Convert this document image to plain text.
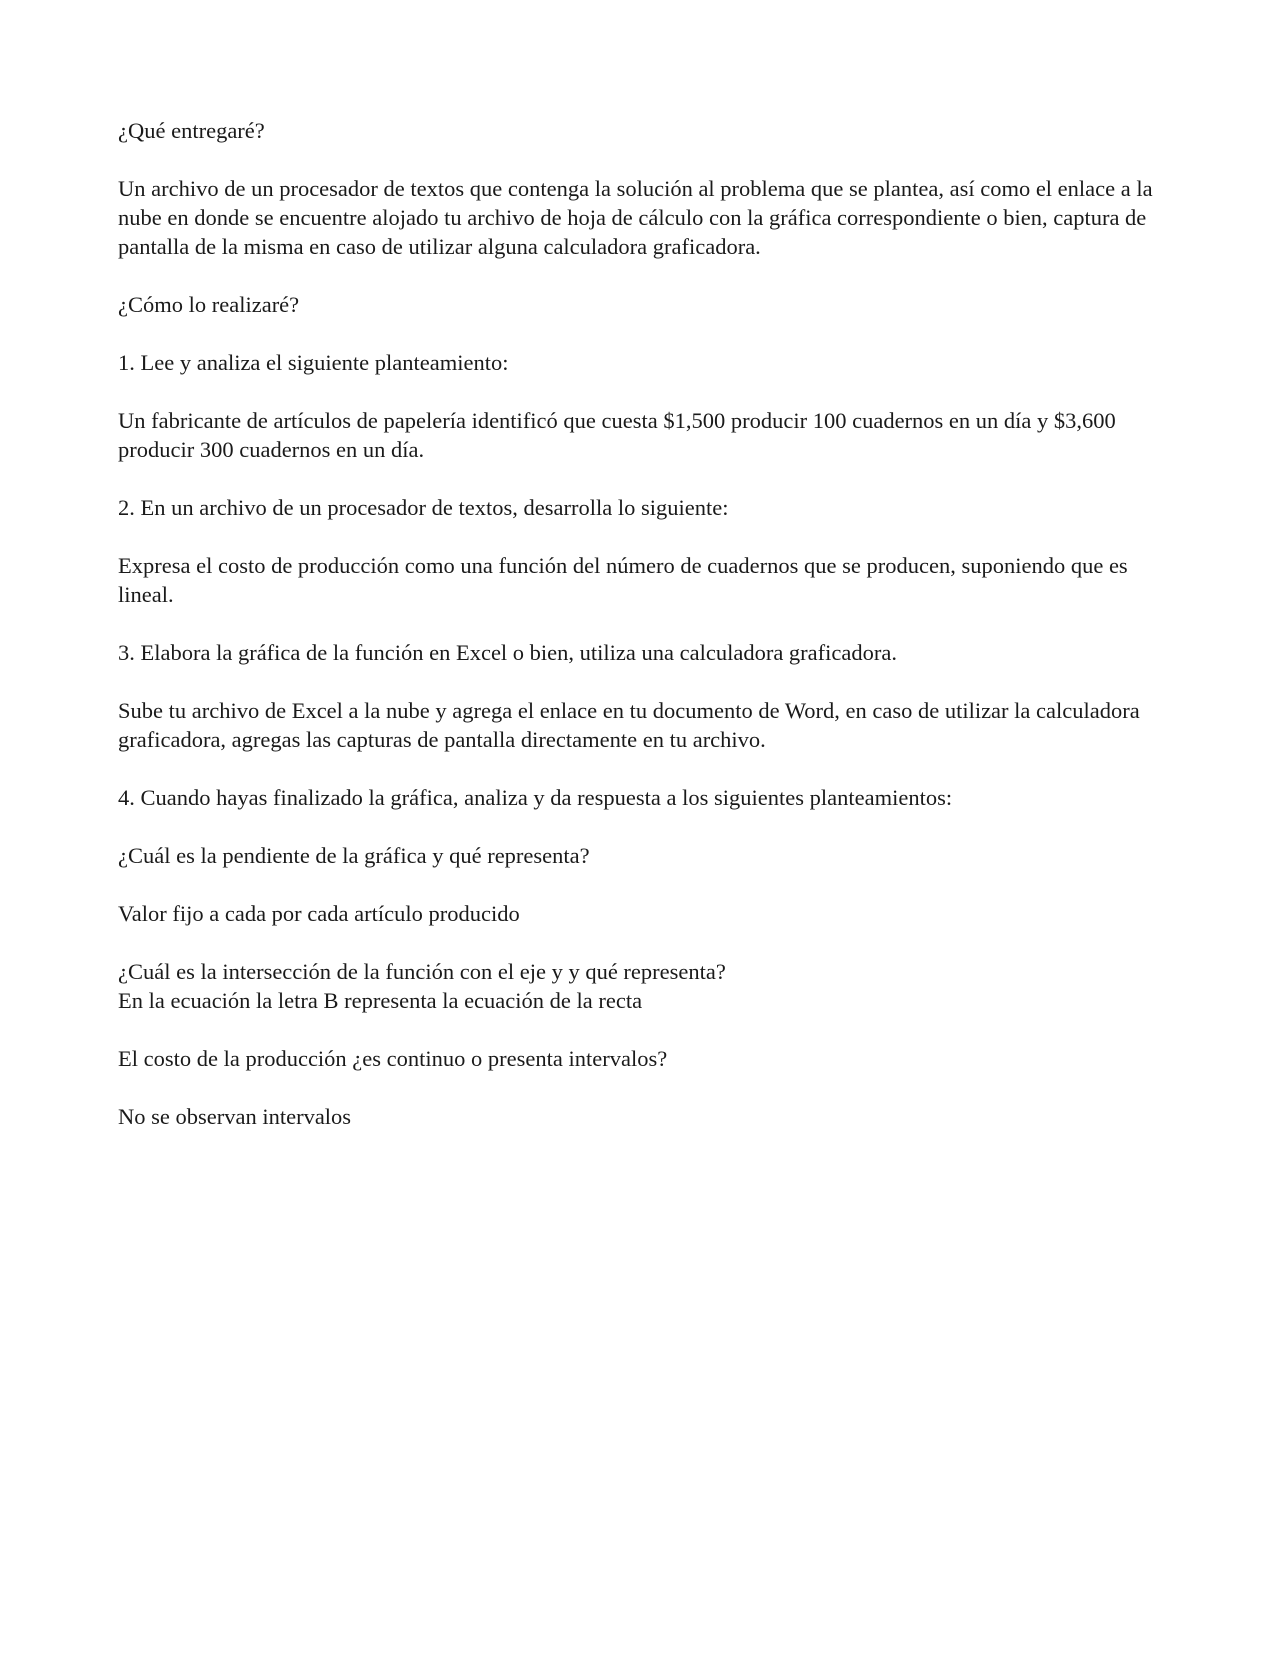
¿Qué entregaré?

Un archivo de un procesador de textos que contenga la solución al problema que se plantea, así como el enlace a la nube en donde se encuentre alojado tu archivo de hoja de cálculo con la gráfica correspondiente o bien, captura de pantalla de la misma en caso de utilizar alguna calculadora graficadora.

¿Cómo lo realizaré?

1. Lee y analiza el siguiente planteamiento:

Un fabricante de artículos de papelería identificó que cuesta $1,500 producir 100 cuadernos en un día y $3,600 producir 300 cuadernos en un día.

2. En un archivo de un procesador de textos, desarrolla lo siguiente:

Expresa el costo de producción como una función del número de cuadernos que se producen, suponiendo que es lineal.

3. Elabora la gráfica de la función en Excel o bien, utiliza una calculadora graficadora.

Sube tu archivo de Excel a la nube y agrega el enlace en tu documento de Word, en caso de utilizar la calculadora graficadora, agregas las capturas de pantalla directamente en tu archivo.

4. Cuando hayas finalizado la gráfica, analiza y da respuesta a los siguientes planteamientos:

¿Cuál es la pendiente de la gráfica y qué representa?

Valor fijo a cada por cada artículo producido

¿Cuál es la intersección de la función con el eje y y qué representa?

En la ecuación la letra B representa la ecuación de la recta

El costo de la producción ¿es continuo o presenta intervalos?

No se observan intervalos
